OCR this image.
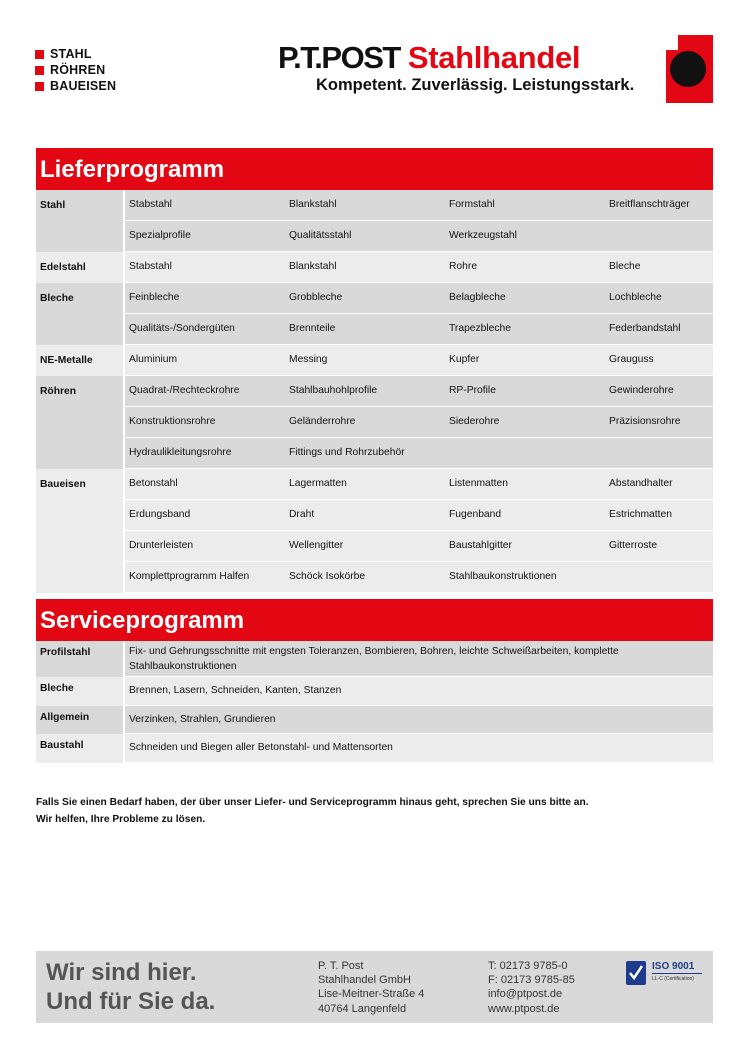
STAHL
RÖHREN
BAUEISEN
P.T.POST Stahlhandel
Kompetent. Zuverlässig. Leistungsstark.
Lieferprogramm
Stahl	Stabstahl	Blankstahl	Formstahl	Breitflanschträger
	Spezialprofile	Qualitätsstahl	Werkzeugstahl	
Edelstahl	Stabstahl	Blankstahl	Rohre	Bleche
Bleche	Feinbleche	Grobbleche	Belagbleche	Lochbleche
	Qualitäts-/Sondergüten	Brennteile	Trapezbleche	Federbandstahl
NE-Metalle	Aluminium	Messing	Kupfer	Grauguss
Röhren	Quadrat-/Rechteckrohre	Stahlbauhohlprofile	RP-Profile	Gewinderohre
	Konstruktionsrohre	Geländerrohre	Siederohre	Präzisionsrohre
	Hydraulikleitungsrohre	Fittings und Rohrzubehör		
Baueisen	Betonstahl	Lagermatten	Listenmatten	Abstandhalter
	Erdungsband	Draht	Fugenband	Estrichmatten
	Drunterleisten	Wellengitter	Baustahlgitter	Gitterroste
	Komplettprogramm Halfen	Schöck Isokörbe	Stahlbaukonstruktionen	
Serviceprogramm
Profilstahl	Fix- und Gehrungsschnitte mit engsten Toleranzen, Bombieren, Bohren, leichte Schweißarbeiten, komplette Stahlbaukonstruktionen
Bleche	Brennen, Lasern, Schneiden, Kanten, Stanzen
Allgemein	Verzinken, Strahlen, Grundieren
Baustahl	Schneiden und Biegen aller Betonstahl- und Mattensorten
Falls Sie einen Bedarf haben, der über unser Liefer- und Serviceprogramm hinaus geht, sprechen Sie uns bitte an.
Wir helfen, Ihre Probleme zu lösen.
Wir sind hier.
Und für Sie da.
P. T. Post
Stahlhandel GmbH
Lise-Meitner-Straße 4
40764 Langenfeld
T: 02173 9785-0
F: 02173 9785-85
info@ptpost.de
www.ptpost.de
ISO 9001
LL-C (Certification)
